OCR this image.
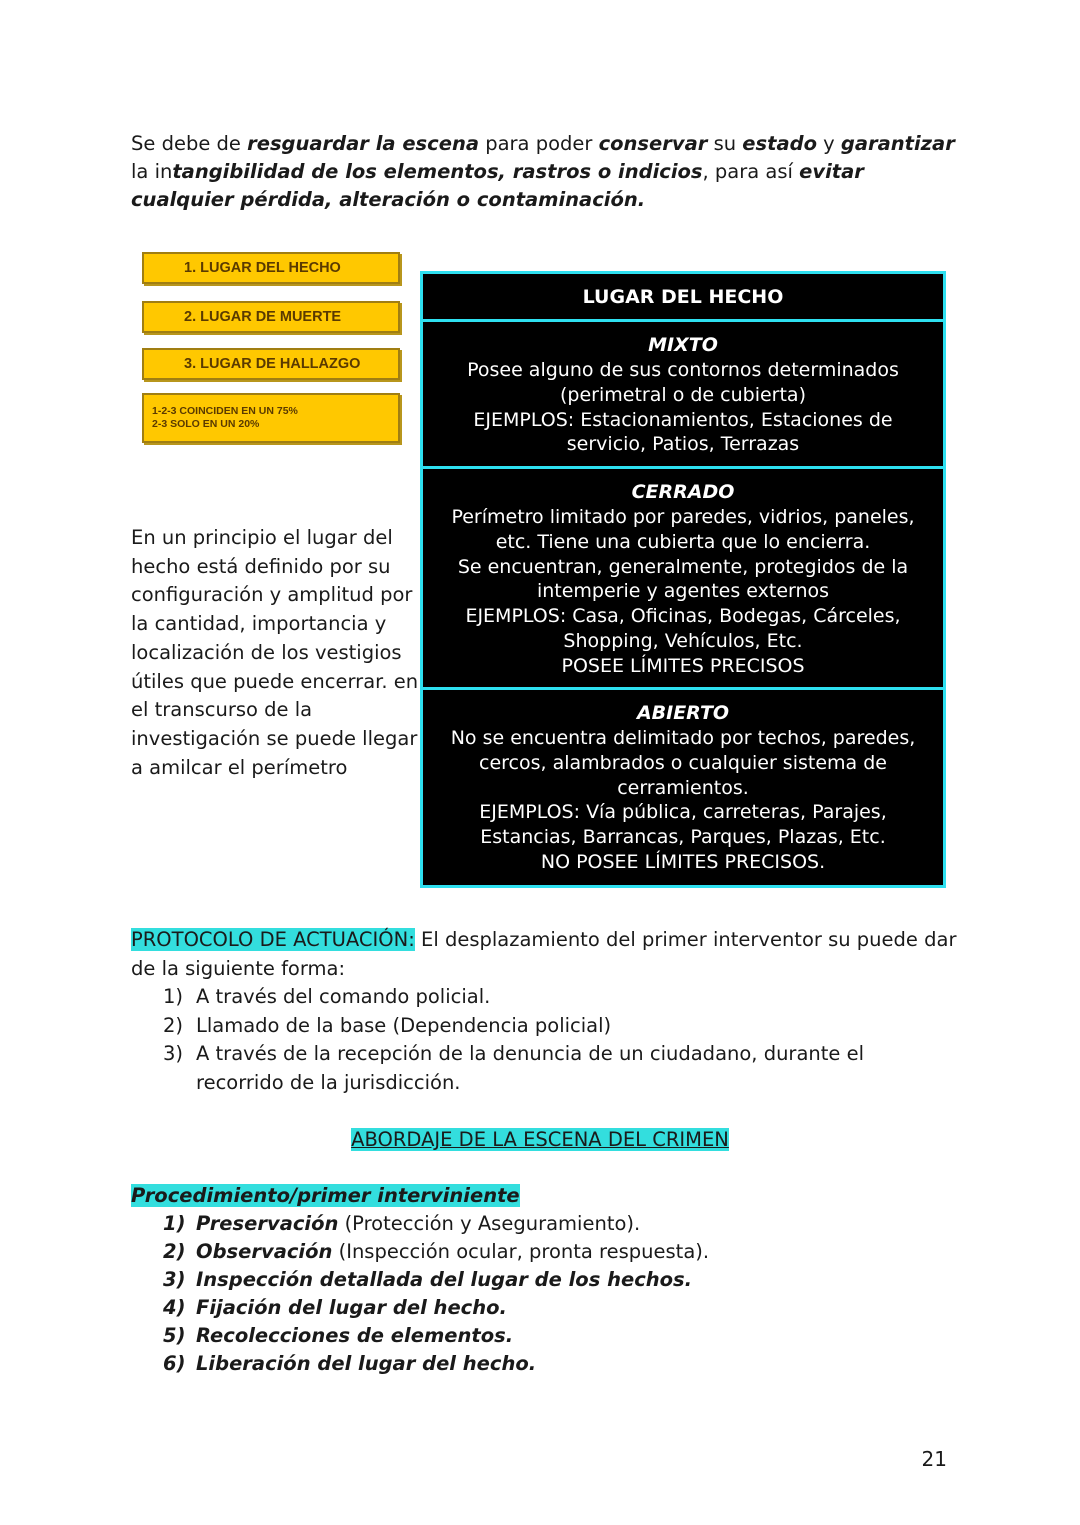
Se debe de resguardar la escena para poder conservar su estado y garantizar la intangibilidad de los elementos, rastros o indicios, para así evitar cualquier pérdida, alteración o contaminación.
1. LUGAR DEL HECHO
2. LUGAR DE MUERTE
3. LUGAR DE HALLAZGO
1-2-3 COINCIDEN EN UN 75%
2-3 SOLO EN UN 20%
En un principio el lugar del hecho está definido por su configuración y amplitud por la cantidad, importancia y localización de los vestigios útiles que puede encerrar. en el transcurso de la investigación se puede llegar a amilcar el perímetro
LUGAR DEL HECHO
MIXTO
Posee alguno de sus contornos determinados
(perimetral o de cubierta)
EJEMPLOS: Estacionamientos, Estaciones de
servicio, Patios, Terrazas
CERRADO
Perímetro limitado por paredes, vidrios, paneles,
etc. Tiene una cubierta que lo encierra.
Se encuentran, generalmente, protegidos de la
intemperie y agentes externos
EJEMPLOS: Casa, Oficinas, Bodegas, Cárceles,
Shopping, Vehículos, Etc.
POSEE LÍMITES PRECISOS
ABIERTO
No se encuentra delimitado por techos, paredes,
cercos, alambrados o cualquier sistema de
cerramientos.
EJEMPLOS: Vía pública, carreteras, Parajes,
Estancias, Barrancas, Parques, Plazas, Etc.
NO POSEE LÍMITES PRECISOS.
PROTOCOLO DE ACTUACIÓN: El desplazamiento del primer interventor su puede dar de la siguiente forma:
1) A través del comando policial.
2) Llamado de la base (Dependencia policial)
3) A través de la recepción de la denuncia de un ciudadano, durante el recorrido de la jurisdicción.
ABORDAJE DE LA ESCENA DEL CRIMEN
Procedimiento/primer interviniente
1) Preservación (Protección y Aseguramiento).
2) Observación (Inspección ocular, pronta respuesta).
3) Inspección detallada del lugar de los hechos.
4) Fijación del lugar del hecho.
5) Recolecciones de elementos.
6) Liberación del lugar del hecho.
21
